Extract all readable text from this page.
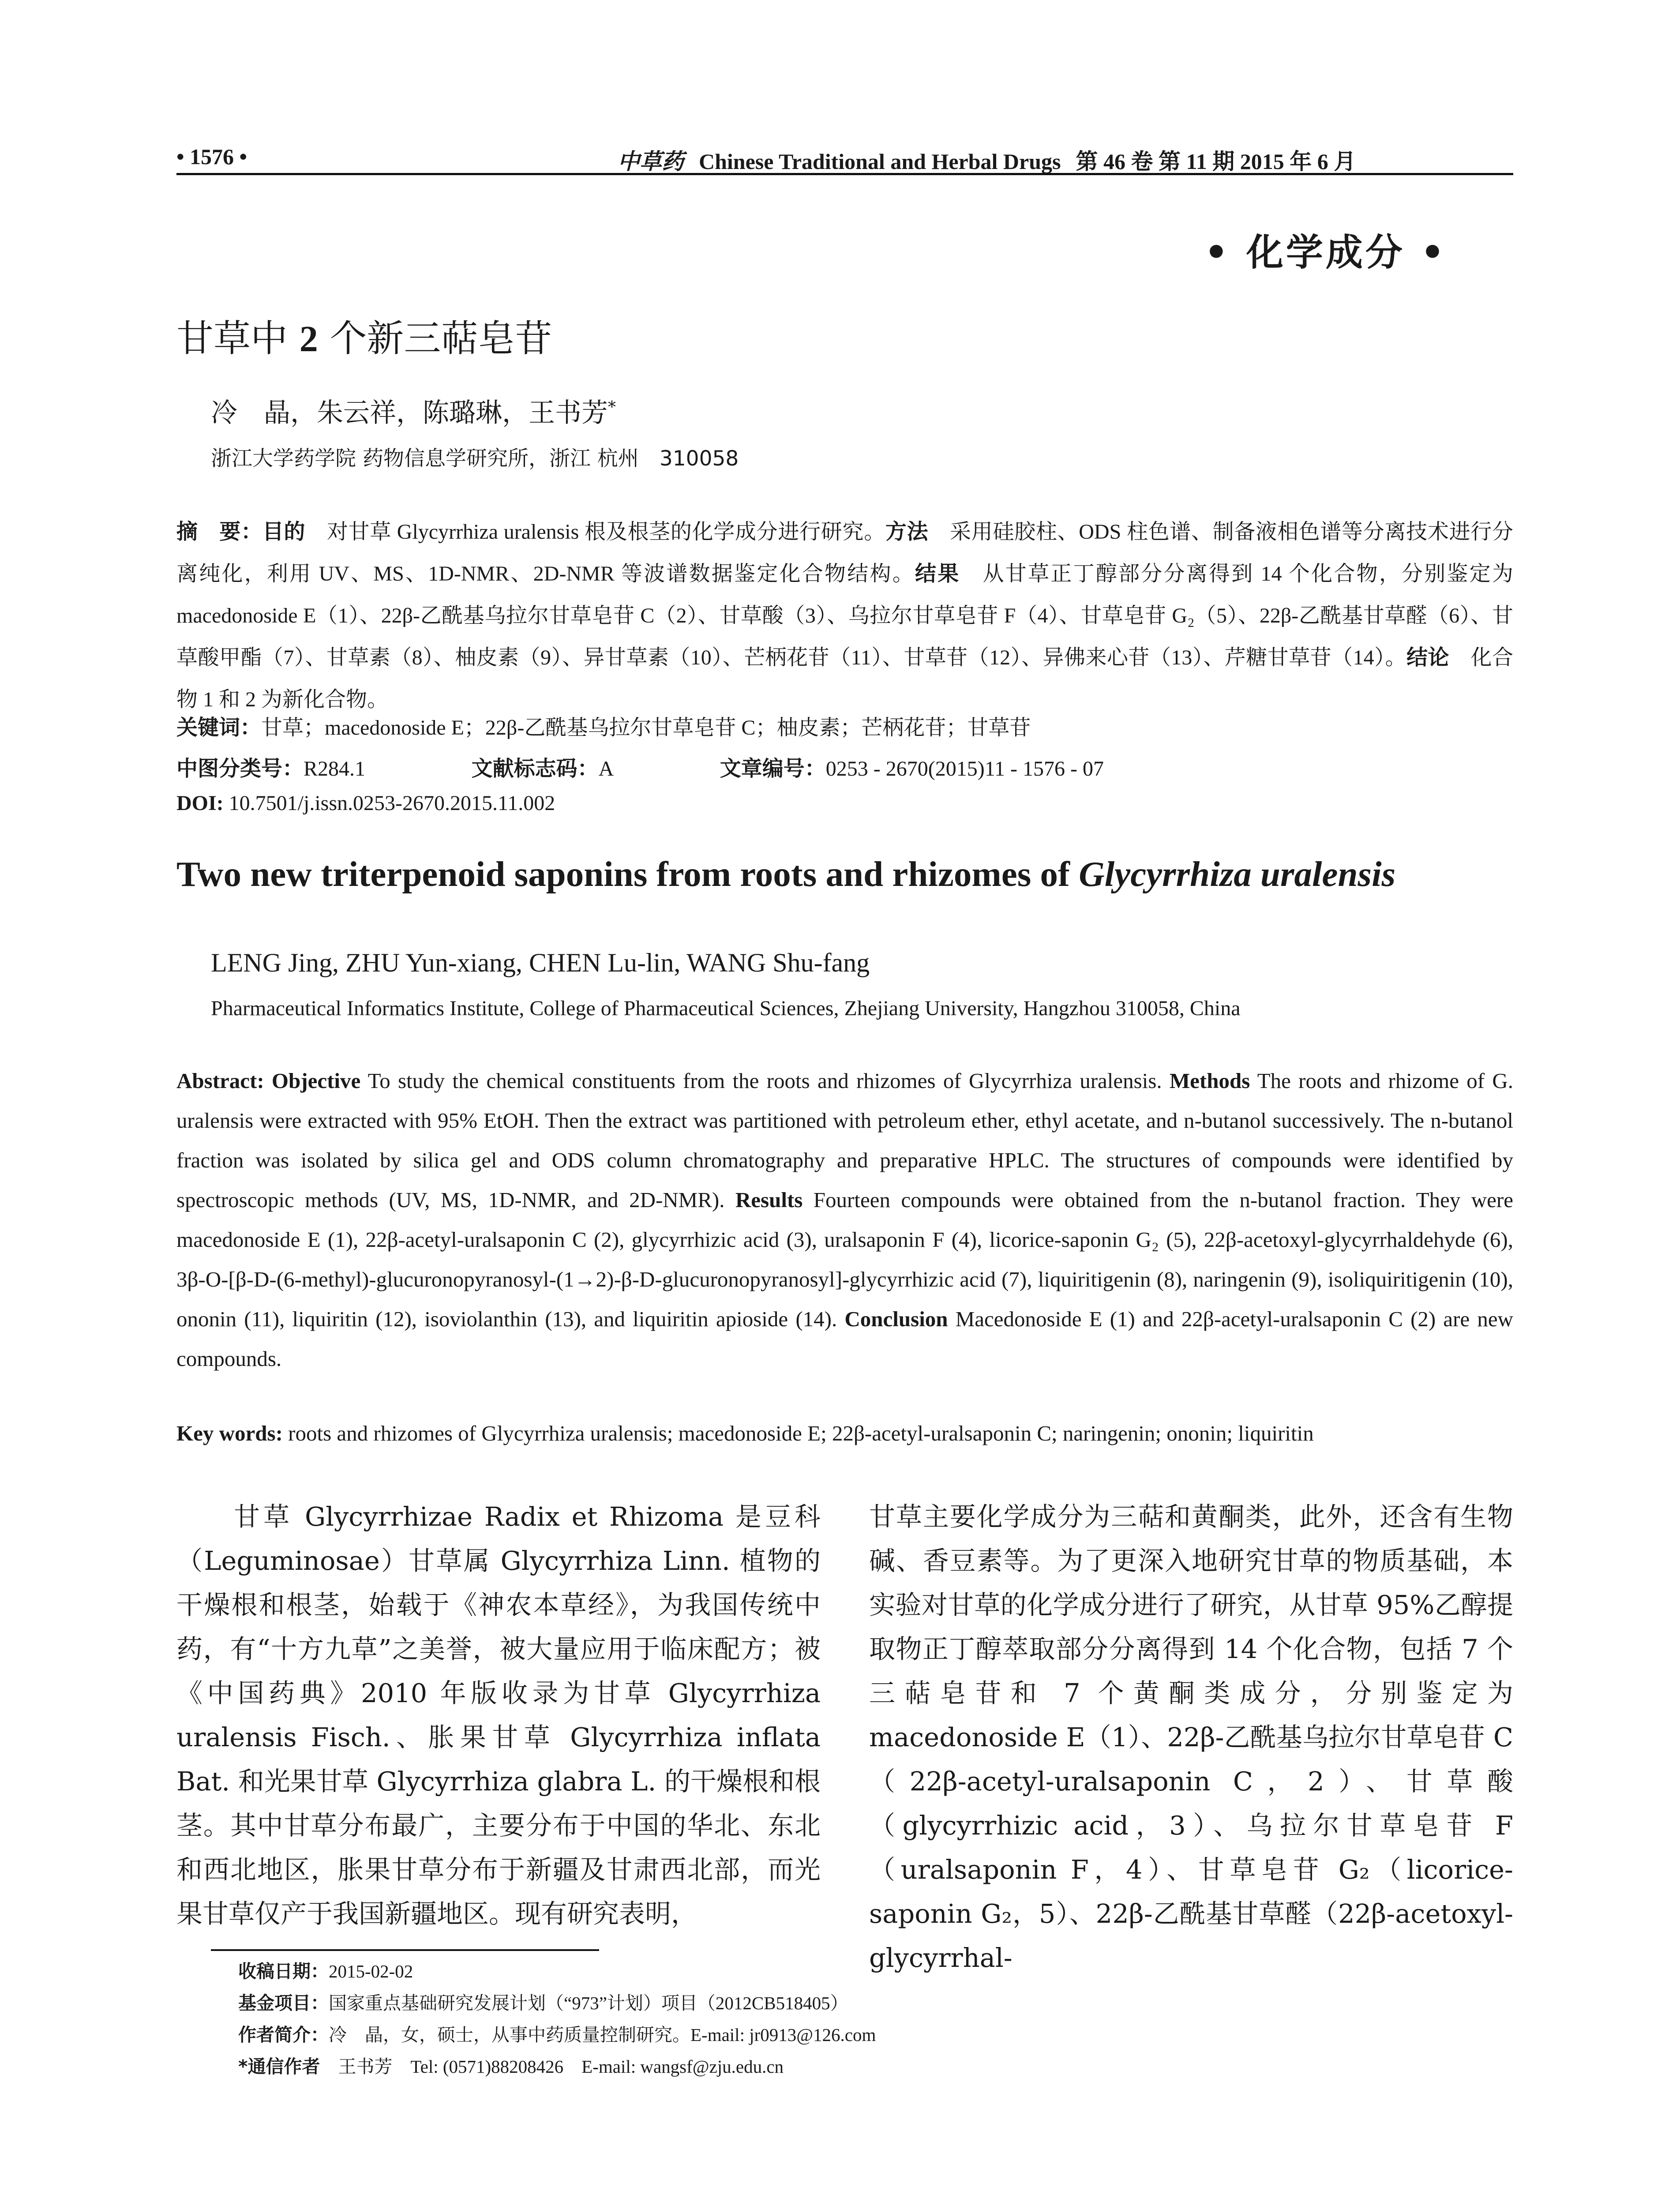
• 1576 •	中草药 Chinese Traditional and Herbal Drugs 第 46 卷 第 11 期 2015 年 6 月
• 化学成分 •
甘草中 2 个新三萜皂苷
冷　晶，朱云祥，陈璐琳，王书芳*
浙江大学药学院 药物信息学研究所，浙江 杭州　310058
摘　要：目的　对甘草 Glycyrrhiza uralensis 根及根茎的化学成分进行研究。方法　采用硅胶柱、ODS 柱色谱、制备液相色谱等分离技术进行分离纯化，利用 UV、MS、1D-NMR、2D-NMR 等波谱数据鉴定化合物结构。结果　从甘草正丁醇部分分离得到 14 个化合物，分别鉴定为 macedonoside E（1）、22β-乙酰基乌拉尔甘草皂苷 C（2）、甘草酸（3）、乌拉尔甘草皂苷 F（4）、甘草皂苷 G₂（5）、22β-乙酰基甘草醛（6）、甘草酸甲酯（7）、甘草素（8）、柚皮素（9）、异甘草素（10）、芒柄花苷（11）、甘草苷（12）、异佛来心苷（13）、芹糖甘草苷（14）。结论　化合物 1 和 2 为新化合物。
关键词：甘草；macedonoside E；22β-乙酰基乌拉尔甘草皂苷 C；柚皮素；芒柄花苷；甘草苷
中图分类号：R284.1	文献标志码：A	文章编号：0253 - 2670(2015)11 - 1576 - 07
DOI: 10.7501/j.issn.0253-2670.2015.11.002
Two new triterpenoid saponins from roots and rhizomes of Glycyrrhiza uralensis
LENG Jing, ZHU Yun-xiang, CHEN Lu-lin, WANG Shu-fang
Pharmaceutical Informatics Institute, College of Pharmaceutical Sciences, Zhejiang University, Hangzhou 310058, China
Abstract: Objective To study the chemical constituents from the roots and rhizomes of Glycyrrhiza uralensis. Methods The roots and rhizome of G. uralensis were extracted with 95% EtOH. Then the extract was partitioned with petroleum ether, ethyl acetate, and n-butanol successively. The n-butanol fraction was isolated by silica gel and ODS column chromatography and preparative HPLC. The structures of compounds were identified by spectroscopic methods (UV, MS, 1D-NMR, and 2D-NMR). Results Fourteen compounds were obtained from the n-butanol fraction. They were macedonoside E (1), 22β-acetyl-uralsaponin C (2), glycyrrhizic acid (3), uralsaponin F (4), licorice-saponin G₂ (5), 22β-acetoxyl-glycyrrhaldehyde (6), 3β-O-[β-D-(6-methyl)-glucuronopyranosyl-(1→2)-β-D-glucuronopyranosyl]-glycyrrhizic acid (7), liquiritigenin (8), naringenin (9), isoliquiritigenin (10), ononin (11), liquiritin (12), isoviolanthin (13), and liquiritin apioside (14). Conclusion Macedonoside E (1) and 22β-acetyl-uralsaponin C (2) are new compounds.
Key words: roots and rhizomes of Glycyrrhiza uralensis; macedonoside E; 22β-acetyl-uralsaponin C; naringenin; ononin; liquiritin
甘草 Glycyrrhizae Radix et Rhizoma 是豆科（Leguminosae）甘草属 Glycyrrhiza Linn. 植物的干燥根和根茎，始载于《神农本草经》，为我国传统中药，有“十方九草”之美誉，被大量应用于临床配方；被《中国药典》2010 年版收录为甘草 Glycyrrhiza uralensis Fisch.、胀果甘草 Glycyrrhiza inflata Bat. 和光果甘草 Glycyrrhiza glabra L. 的干燥根和根茎。其中甘草分布最广，主要分布于中国的华北、东北和西北地区，胀果甘草分布于新疆及甘肃西北部，而光果甘草仅产于我国新疆地区。现有研究表明，
甘草主要化学成分为三萜和黄酮类，此外，还含有生物碱、香豆素等。为了更深入地研究甘草的物质基础，本实验对甘草的化学成分进行了研究，从甘草 95%乙醇提取物正丁醇萃取部分分离得到 14 个化合物，包括 7 个三萜皂苷和 7 个黄酮类成分，分别鉴定为 macedonoside E（1）、22β-乙酰基乌拉尔甘草皂苷 C（22β-acetyl-uralsaponin C，2）、甘草酸（glycyrrhizic acid，3）、乌拉尔甘草皂苷 F（uralsaponin F，4）、甘草皂苷 G₂（licorice-saponin G₂，5）、22β-乙酰基甘草醛（22β-acetoxyl-glycyrrhal-
收稿日期：2015-02-02
基金项目：国家重点基础研究发展计划（“973”计划）项目（2012CB518405）
作者简介：冷　晶，女，硕士，从事中药质量控制研究。E-mail: jr0913@126.com
*通信作者　王书芳　Tel: (0571)88208426　E-mail: wangsf@zju.edu.cn
